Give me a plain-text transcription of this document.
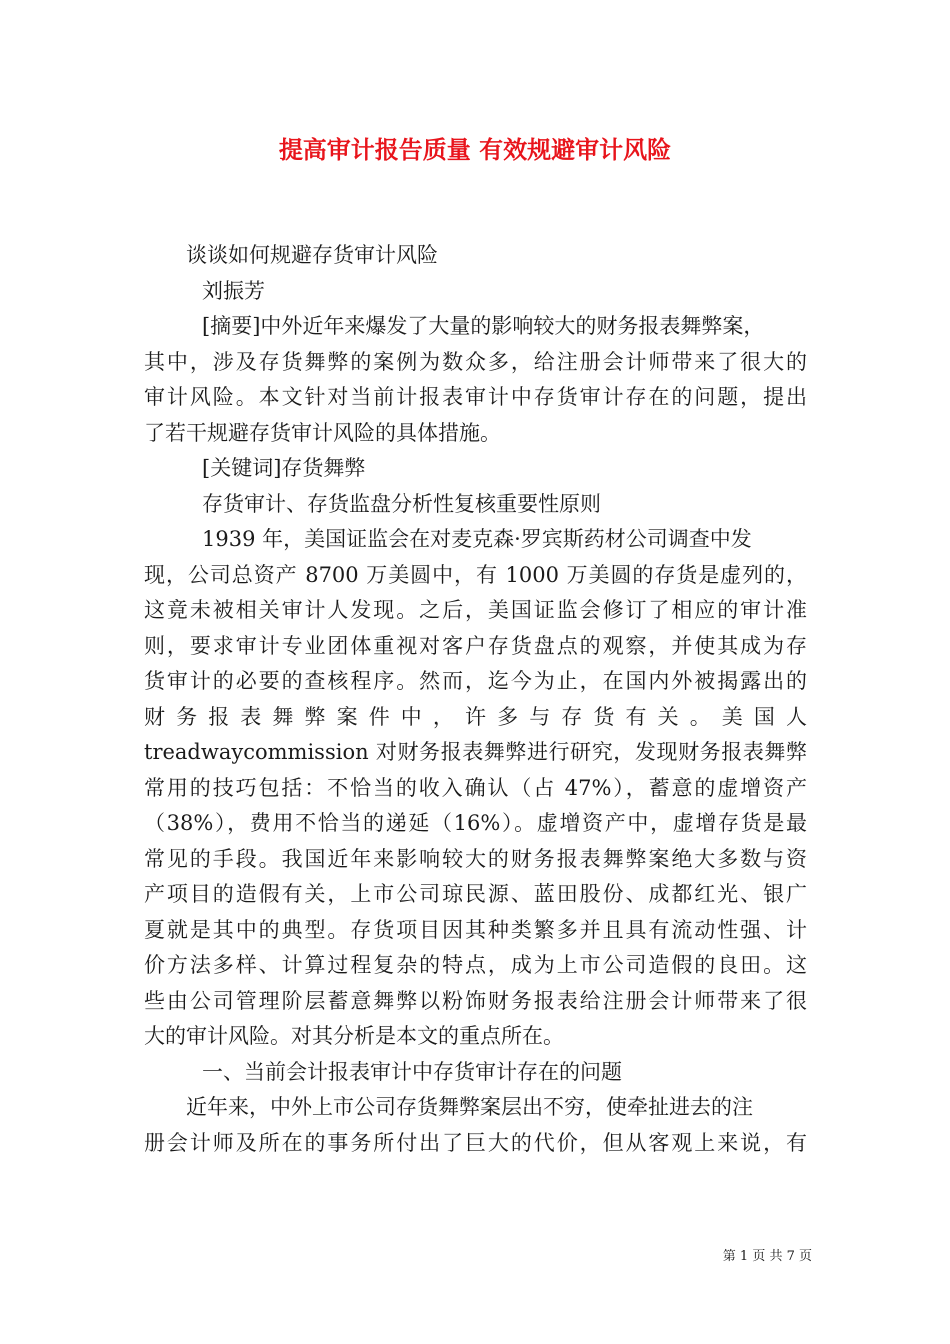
提高审计报告质量 有效规避审计风险
谈谈如何规避存货审计风险
刘振芳
[摘要]中外近年来爆发了大量的影响较大的财务报表舞弊案，
其中，涉及存货舞弊的案例为数众多，给注册会计师带来了很大的
审计风险。本文针对当前计报表审计中存货审计存在的问题，提出
了若干规避存货审计风险的具体措施。
[关键词]存货舞弊
存货审计、存货监盘分析性复核重要性原则
1939 年，美国证监会在对麦克森·罗宾斯药材公司调查中发
现，公司总资产 8700 万美圆中，有 1000 万美圆的存货是虚列的，
这竟未被相关审计人发现。之后，美国证监会修订了相应的审计准
则，要求审计专业团体重视对客户存货盘点的观察，并使其成为存
货审计的必要的查核程序。然而，迄今为止，在国内外被揭露出的
财务报表舞弊案件中，许多与存货有关。美国人
treadwaycommission 对财务报表舞弊进行研究，发现财务报表舞弊
常用的技巧包括：不恰当的收入确认（占 47%），蓄意的虚增资产
（38%），费用不恰当的递延（16%）。虚增资产中，虚增存货是最
常见的手段。我国近年来影响较大的财务报表舞弊案绝大多数与资
产项目的造假有关，上市公司琼民源、蓝田股份、成都红光、银广
夏就是其中的典型。存货项目因其种类繁多并且具有流动性强、计
价方法多样、计算过程复杂的特点，成为上市公司造假的良田。这
些由公司管理阶层蓄意舞弊以粉饰财务报表给注册会计师带来了很
大的审计风险。对其分析是本文的重点所在。
一、当前会计报表审计中存货审计存在的问题
近年来，中外上市公司存货舞弊案层出不穷，使牵扯进去的注
册会计师及所在的事务所付出了巨大的代价，但从客观上来说，有
第 1 页 共 7 页
